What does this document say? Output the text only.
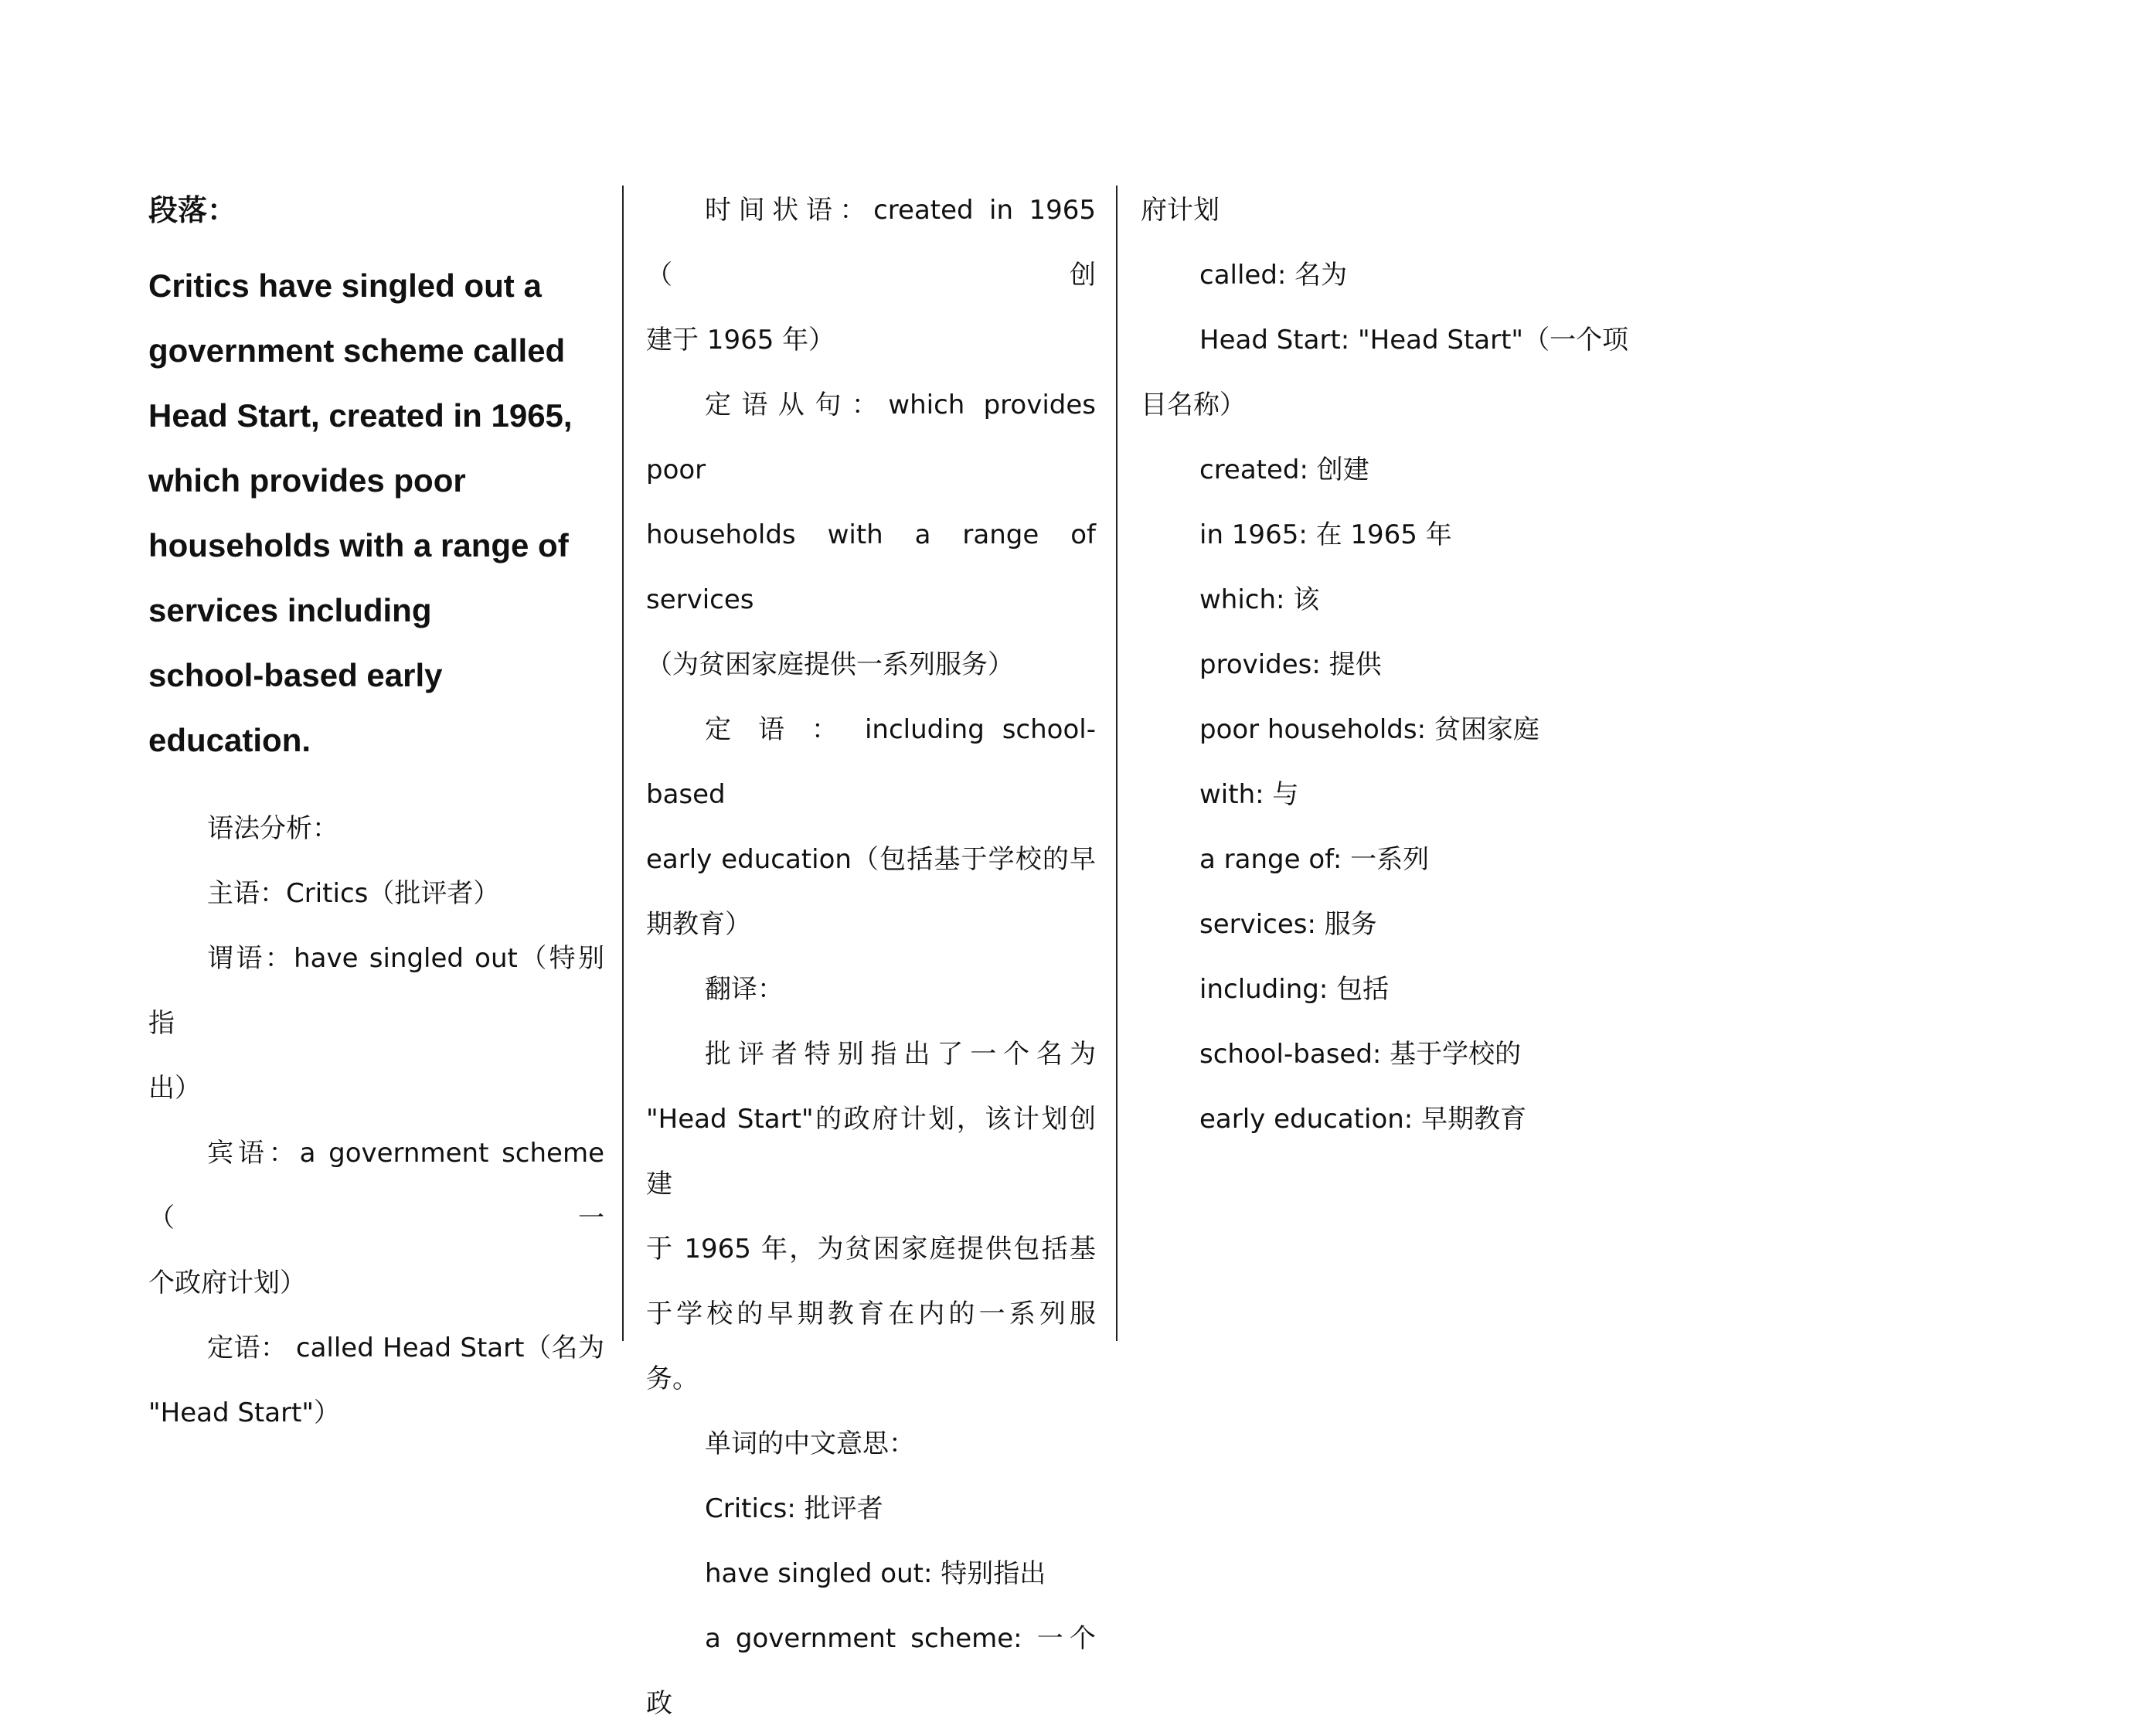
段落：

Critics have singled out a
government scheme called
Head Start, created in 1965,
which provides poor
households with a range of
services including
school-based early
education.

语法分析：

主语：Critics（批评者）

谓语：have singled out（特别指

出）

宾语：a government scheme（一

个政府计划）

定语： called Head Start（名为

"Head Start"）

时间状语：created in 1965（创

建于 1965 年）

定语从句：which provides poor

households with a range of services

（为贫困家庭提供一系列服务）

定 语 ： including school-based

early education（包括基于学校的早

期教育）

翻译：

批评者特别指出了一个名为

"Head Start"的政府计划，该计划创建

于 1965 年，为贫困家庭提供包括基

于学校的早期教育在内的一系列服

务。

单词的中文意思：

Critics: 批评者

have singled out: 特别指出

a government scheme: 一个政

府计划

called: 名为

Head Start: "Head Start"（一个项

目名称）

created: 创建

in 1965: 在 1965 年

which: 该

provides: 提供

poor households: 贫困家庭

with: 与

a range of: 一系列

services: 服务

including: 包括

school-based: 基于学校的

early education: 早期教育
